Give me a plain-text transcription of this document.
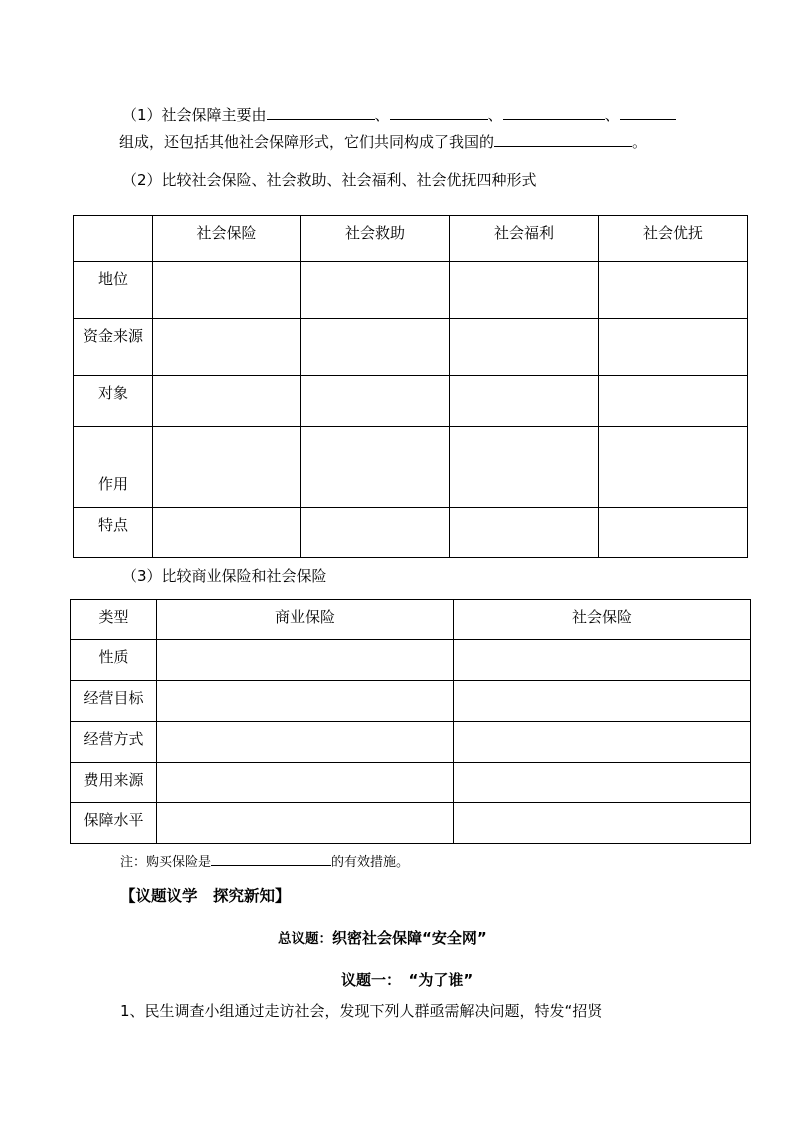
（1）社会保障主要由	、	、	、
组成，还包括其他社会保障形式，它们共同构成了我国的	。
（2）比较社会保险、社会救助、社会福利、社会优抚四种形式

	社会保险	社会救助	社会福利	社会优抚

地位				

资金来源				

对象				

作用				

特点				

（3）比较商业保险和社会保险
类型	商业保险	社会保险

性质		

经营目标		

经营方式		

费用来源		

保障水平		

注：购买保险是	的有效措施。
【议题议学　探究新知】
总议题：织密社会保障“安全网”
议题一：　“为了谁”
1、民生调查小组通过走访社会，发现下列人群亟需解决问题，特发“招贤
